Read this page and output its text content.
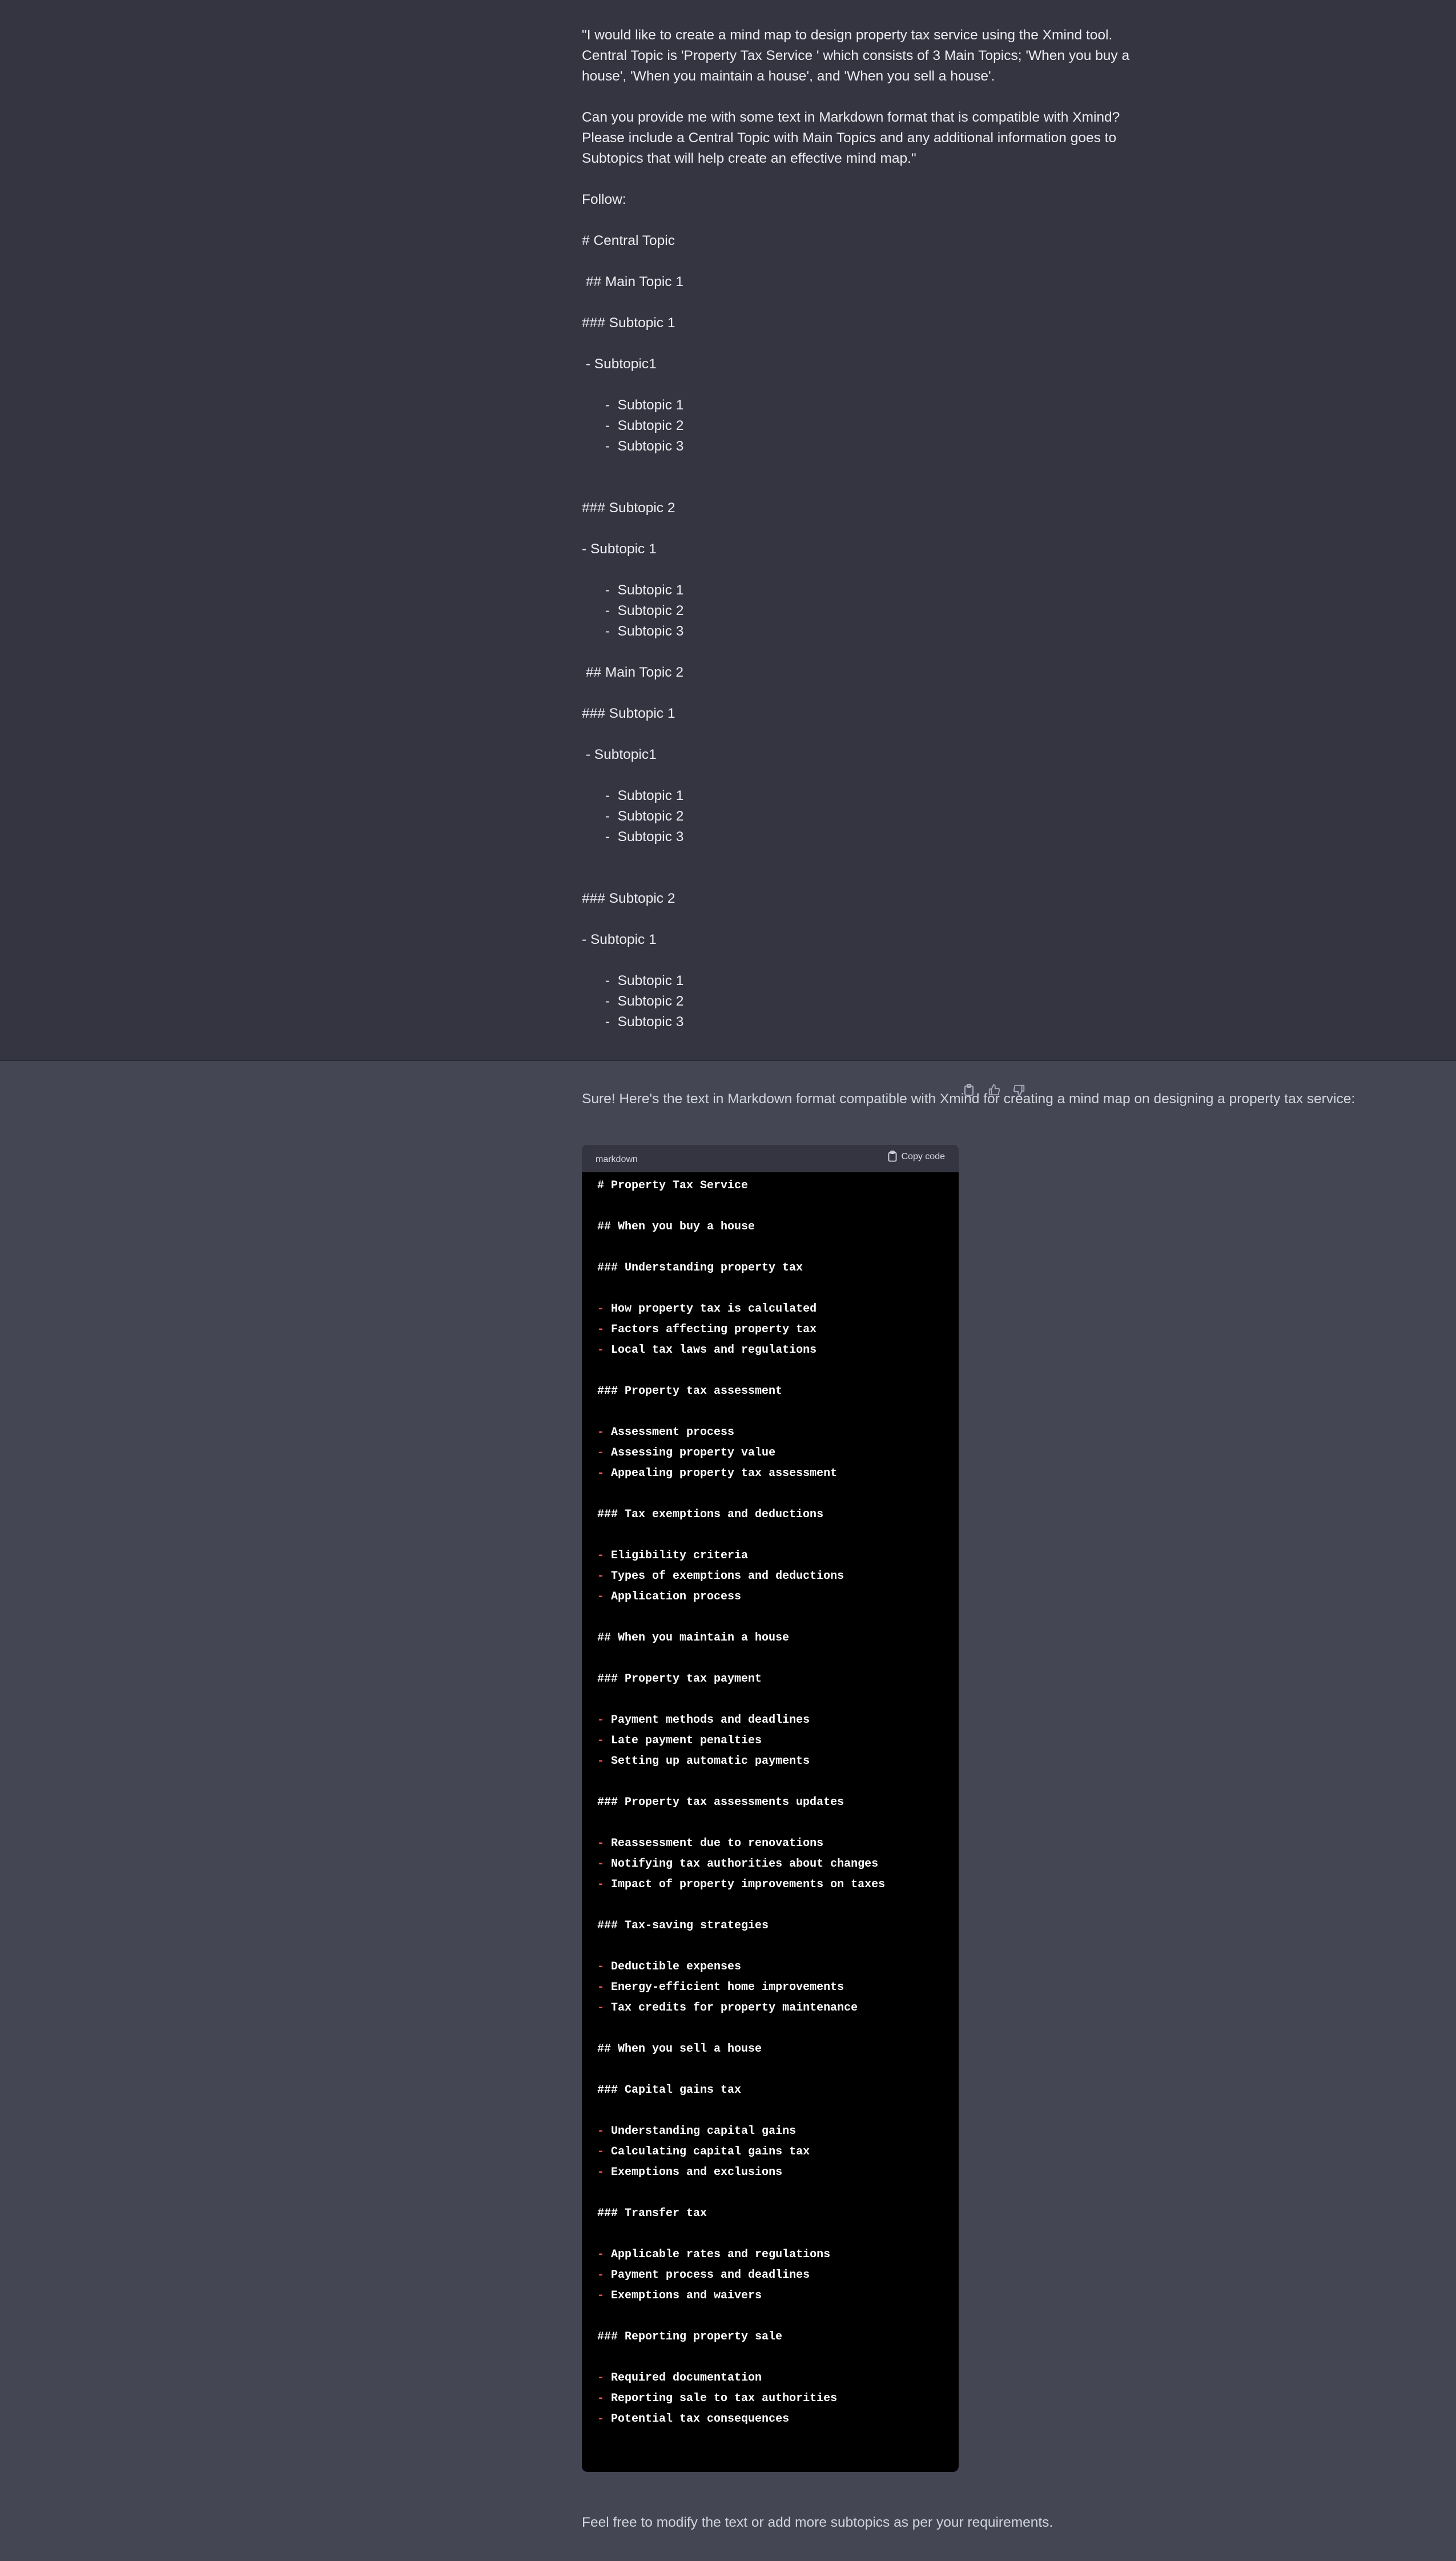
"I would like to create a mind map to design property tax service using the Xmind tool.
Central Topic is 'Property Tax Service ' which consists of 3 Main Topics; 'When you buy a
house', 'When you maintain a house', and 'When you sell a house'.
Can you provide me with some text in Markdown format that is compatible with Xmind?
Please include a Central Topic with Main Topics and any additional information goes to
Subtopics that will help create an effective mind map."
Follow:
# Central Topic
## Main Topic 1
### Subtopic 1
- Subtopic1
-  Subtopic 1
-  Subtopic 2
-  Subtopic 3
### Subtopic 2
- Subtopic 1
-  Subtopic 1
-  Subtopic 2
-  Subtopic 3
## Main Topic 2
### Subtopic 1
- Subtopic1
-  Subtopic 1
-  Subtopic 2
-  Subtopic 3
### Subtopic 2
- Subtopic 1
-  Subtopic 1
-  Subtopic 2
-  Subtopic 3
Sure! Here's the text in Markdown format compatible with Xmind for creating a mind map on designing a property tax service:
markdown	Copy code
# Property Tax Service
## When you buy a house
### Understanding property tax
- How property tax is calculated
- Factors affecting property tax
- Local tax laws and regulations
### Property tax assessment
- Assessment process
- Assessing property value
- Appealing property tax assessment
### Tax exemptions and deductions
- Eligibility criteria
- Types of exemptions and deductions
- Application process
## When you maintain a house
### Property tax payment
- Payment methods and deadlines
- Late payment penalties
- Setting up automatic payments
### Property tax assessments updates
- Reassessment due to renovations
- Notifying tax authorities about changes
- Impact of property improvements on taxes
### Tax-saving strategies
- Deductible expenses
- Energy-efficient home improvements
- Tax credits for property maintenance
## When you sell a house
### Capital gains tax
- Understanding capital gains
- Calculating capital gains tax
- Exemptions and exclusions
### Transfer tax
- Applicable rates and regulations
- Payment process and deadlines
- Exemptions and waivers
### Reporting property sale
- Required documentation
- Reporting sale to tax authorities
- Potential tax consequences
Feel free to modify the text or add more subtopics as per your requirements.
